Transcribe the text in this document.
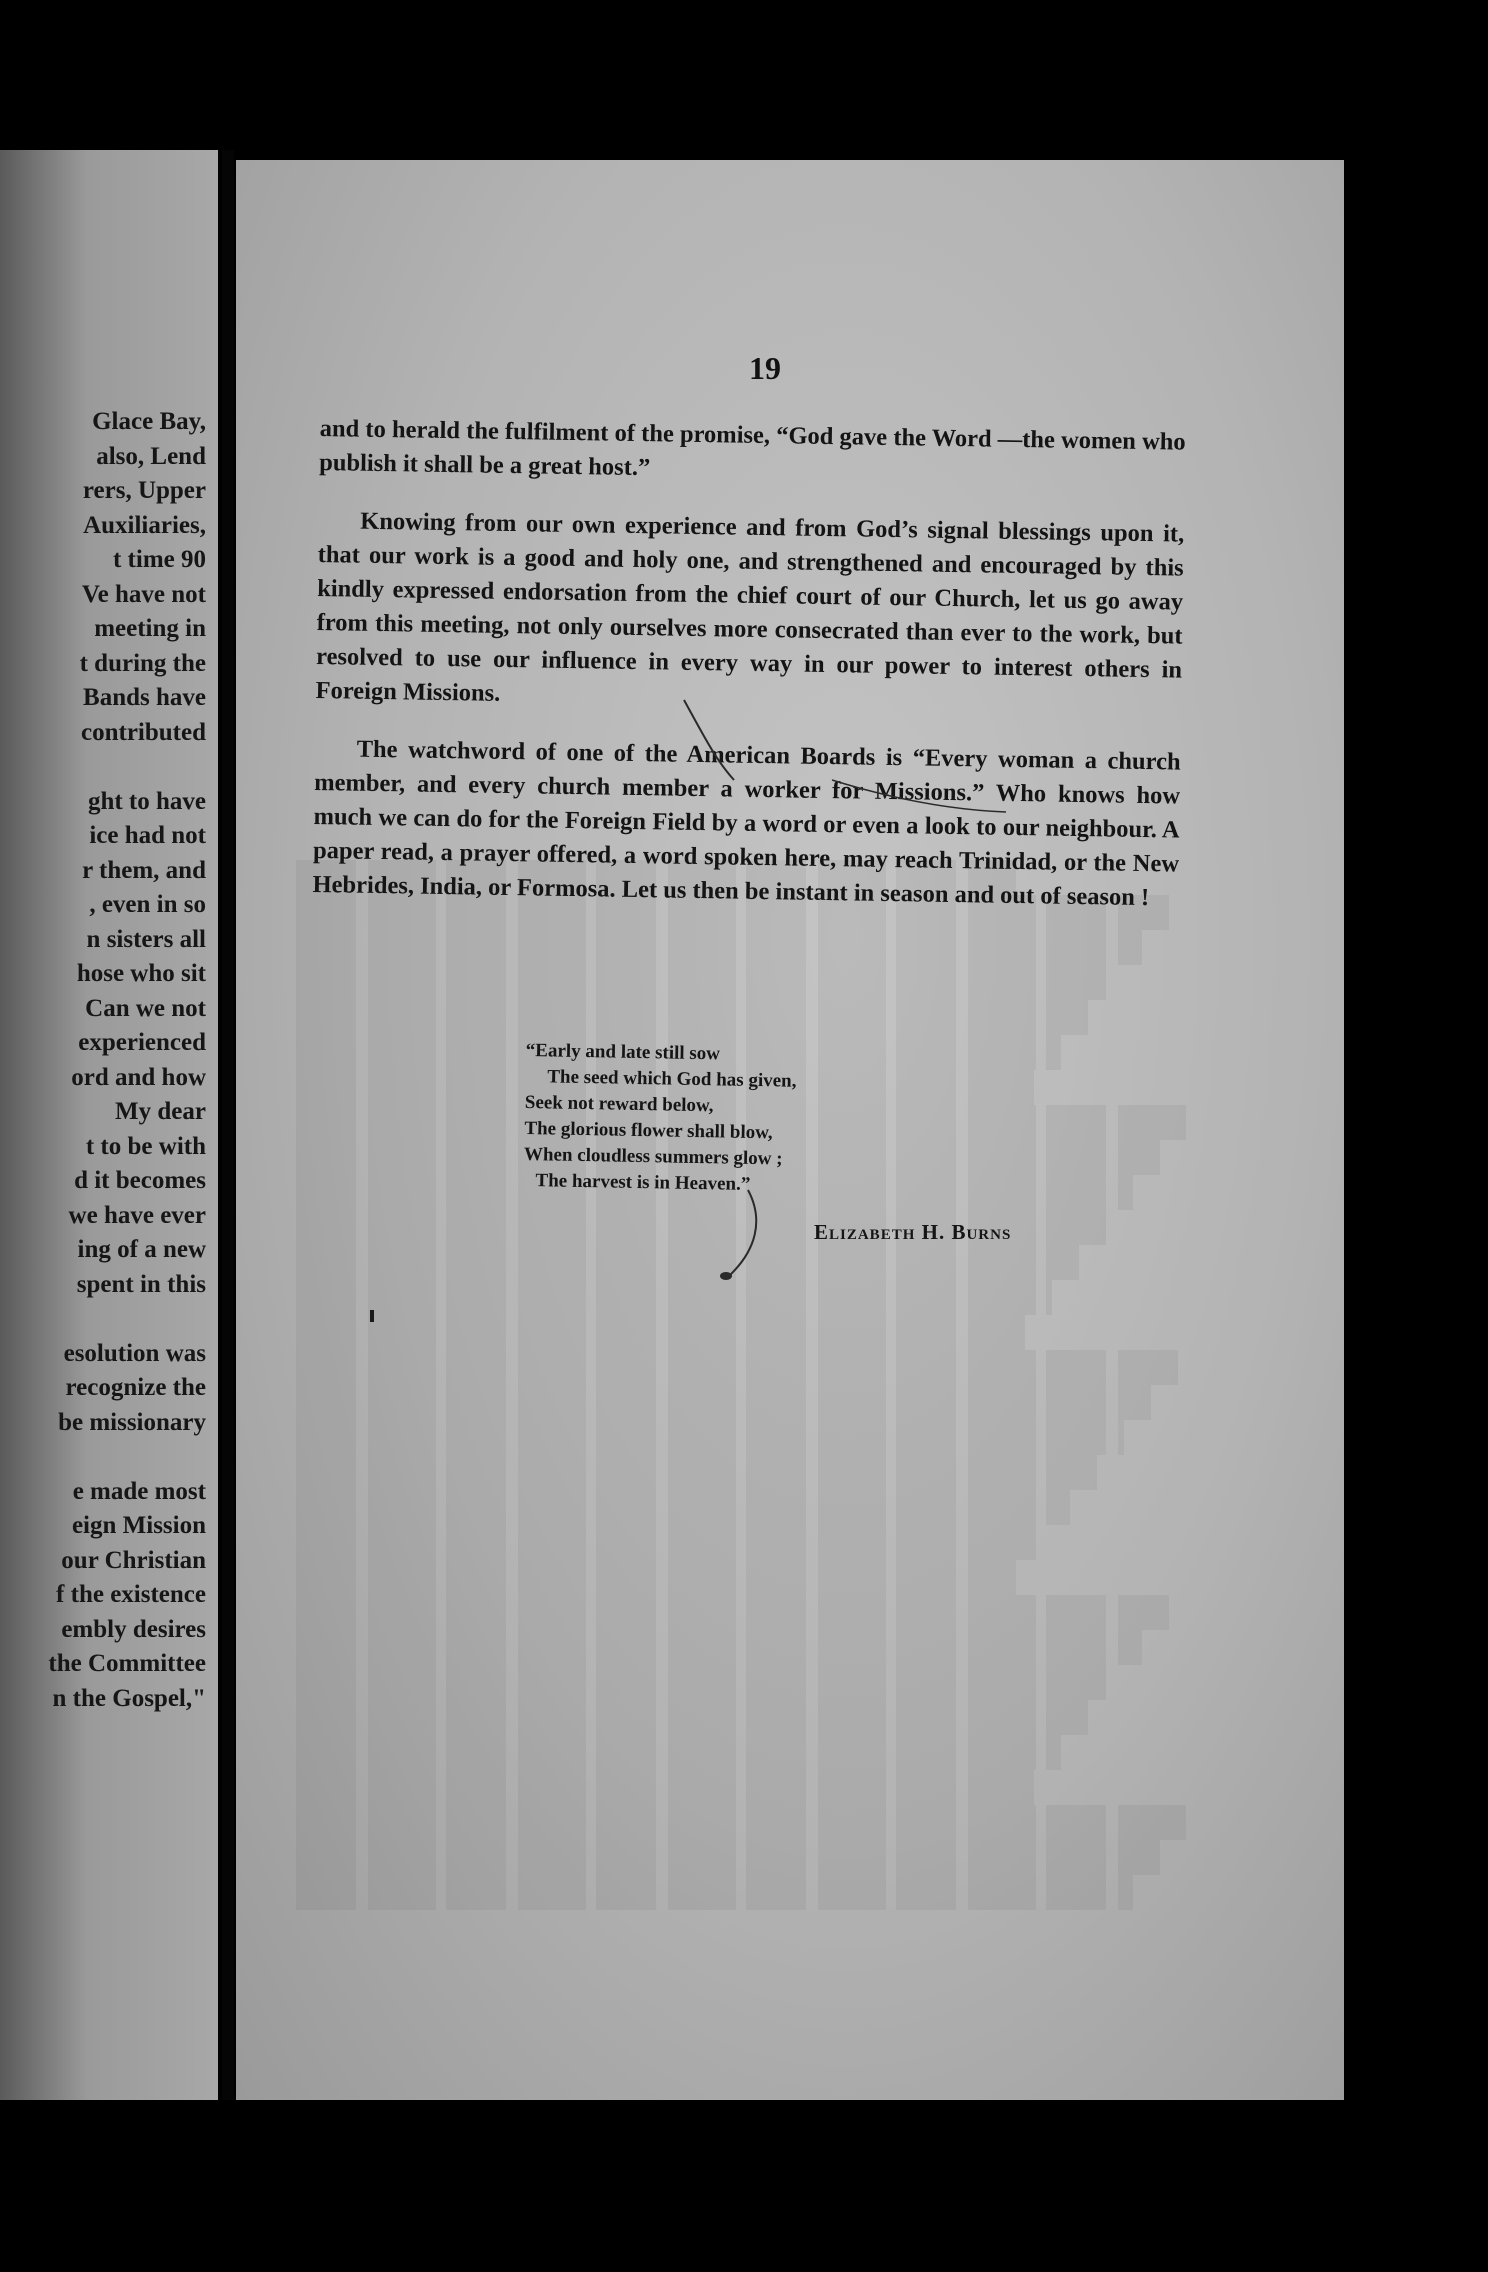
Glace Bay,
also, Lend
rers, Upper
Auxiliaries,
t time 90
Ve have not
meeting in
t during the
Bands have
contributed
ght to have
ice had not
r them, and
, even in so
n sisters all
hose who sit
Can we not
experienced
ord and how
My dear
t to be with
d it becomes
we have ever
ing of a new
spent in this
esolution was
recognize the
be missionary
e made most
eign Mission
our Christian
f the existence
embly desires
the Committee
n the Gospel,"
19

and to herald the fulfilment of the promise, “God gave the Word —the women who publish it shall be a great host.”

Knowing from our own experience and from God’s signal blessings upon it, that our work is a good and holy one, and strengthened and encouraged by this kindly expressed endorsation from the chief court of our Church, let us go away from this meeting, not only ourselves more consecrated than ever to the work, but resolved to use our influence in every way in our power to interest others in Foreign Missions.

The watchword of one of the American Boards is “Every woman a church member, and every church member a worker for Missions.” Who knows how much we can do for the Foreign Field by a word or even a look to our neighbour. A paper read, a prayer offered, a word spoken here, may reach Trinidad, or the New Hebrides, India, or Formosa. Let us then be instant in season and out of season !

“Early and late still sow
The seed which God has given,
Seek not reward below,
The glorious flower shall blow,
When cloudless summers glow ;
The harvest is in Heaven.”
Elizabeth H. Burns
